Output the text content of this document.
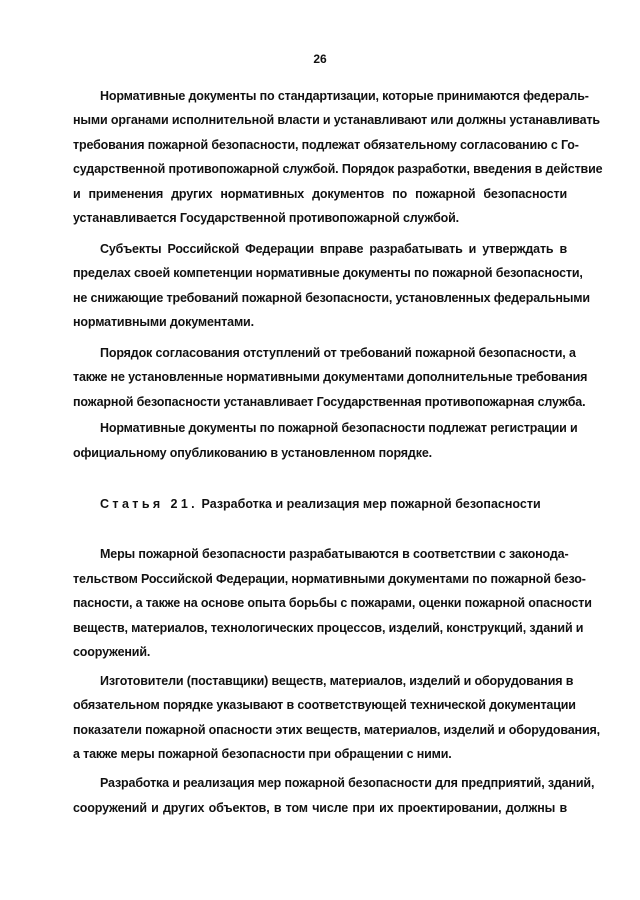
26
Нормативные документы по стандартизации, которые принимаются федераль-
ными органами исполнительной власти и устанавливают или должны устанавливать
требования пожарной безопасности, подлежат обязательному согласованию с Го-
сударственной противопожарной службой. Порядок разработки, введения в действие
и применения других нормативных документов по пожарной безопасности
устанавливается Государственной противопожарной службой.
Субъекты Российской Федерации вправе разрабатывать и утверждать в
пределах своей компетенции нормативные документы по пожарной безопасности,
не снижающие требований пожарной безопасности, установленных федеральными
нормативными документами.
Порядок согласования отступлений от требований пожарной безопасности, а
также не установленные нормативными документами дополнительные требования
пожарной безопасности устанавливает Государственная противопожарная служба.
Нормативные документы по пожарной безопасности подлежат регистрации и
официальному опубликованию в установленном порядке.
Статья 21. Разработка и реализация мер пожарной безопасности
Меры пожарной безопасности разрабатываются в соответствии с законода-
тельством Российской Федерации, нормативными документами по пожарной безо-
пасности, а также на основе опыта борьбы с пожарами, оценки пожарной опасности
веществ, материалов, технологических процессов, изделий, конструкций, зданий и
сооружений.
Изготовители (поставщики) веществ, материалов, изделий и оборудования в
обязательном порядке указывают в соответствующей технической документации
показатели пожарной опасности этих веществ, материалов, изделий и оборудования,
а также меры пожарной безопасности при обращении с ними.
Разработка и реализация мер пожарной безопасности для предприятий, зданий,
сооружений и других объектов, в том числе при их проектировании, должны в
